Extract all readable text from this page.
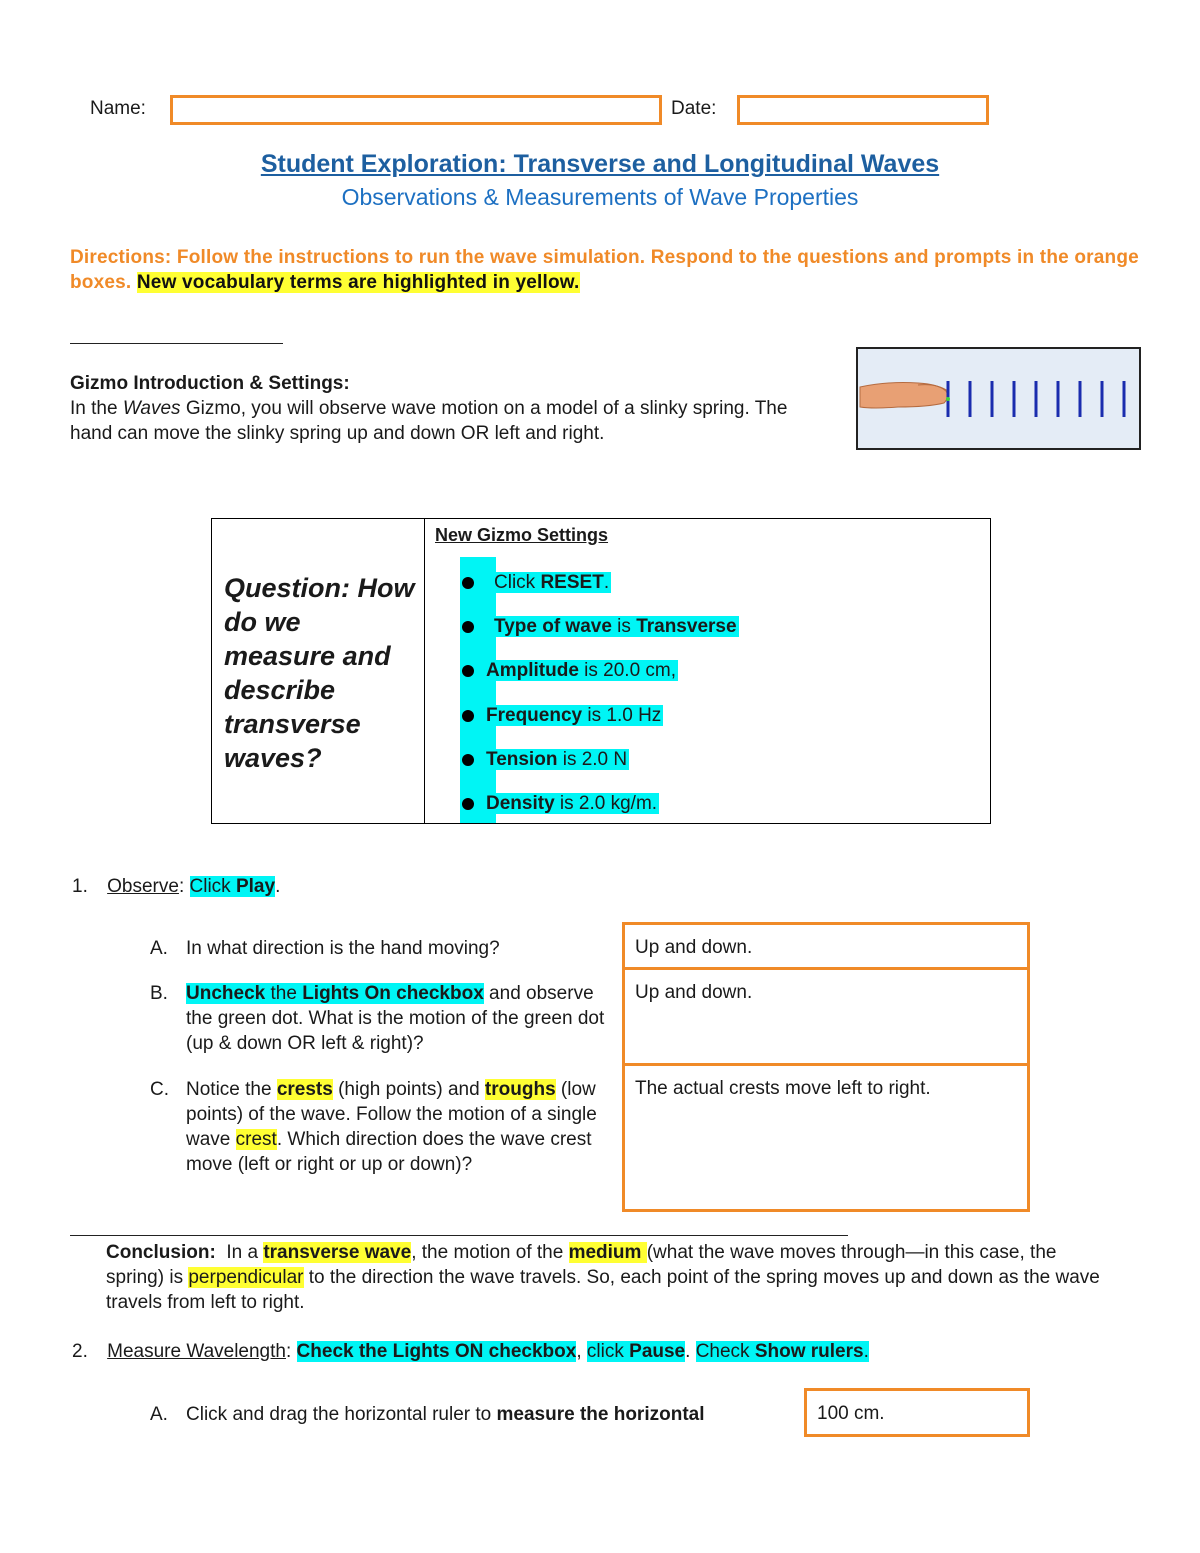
Name:	Date:
Student Exploration: Transverse and Longitudinal Waves
Observations & Measurements of Wave Properties
Directions: Follow the instructions to run the wave simulation. Respond to the questions and prompts in the orange boxes. New vocabulary terms are highlighted in yellow.
Gizmo Introduction & Settings:
In the Waves Gizmo, you will observe wave motion on a model of a slinky spring. The hand can move the slinky spring up and down OR left and right.
Question: How do we measure and describe transverse waves?
New Gizmo Settings
Click RESET.
Type of wave is Transverse
Amplitude is 20.0 cm,
Frequency is 1.0 Hz
Tension is 2.0 N
Density is 2.0 kg/m.
1. Observe: Click Play.
A. In what direction is the hand moving?
B. Uncheck the Lights On checkbox and observe the green dot. What is the motion of the green dot (up & down OR left & right)?
C. Notice the crests (high points) and troughs (low points) of the wave. Follow the motion of a single wave crest. Which direction does the wave crest move (left or right or up or down)?
Up and down.
Up and down.
The actual crests move left to right.
Conclusion:  In a transverse wave, the motion of the medium (what the wave moves through—in this case, the spring) is perpendicular to the direction the wave travels. So, each point of the spring moves up and down as the wave travels from left to right.
2. Measure Wavelength: Check the Lights ON checkbox, click Pause. Check Show rulers.
A. Click and drag the horizontal ruler to measure the horizontal	100 cm.
